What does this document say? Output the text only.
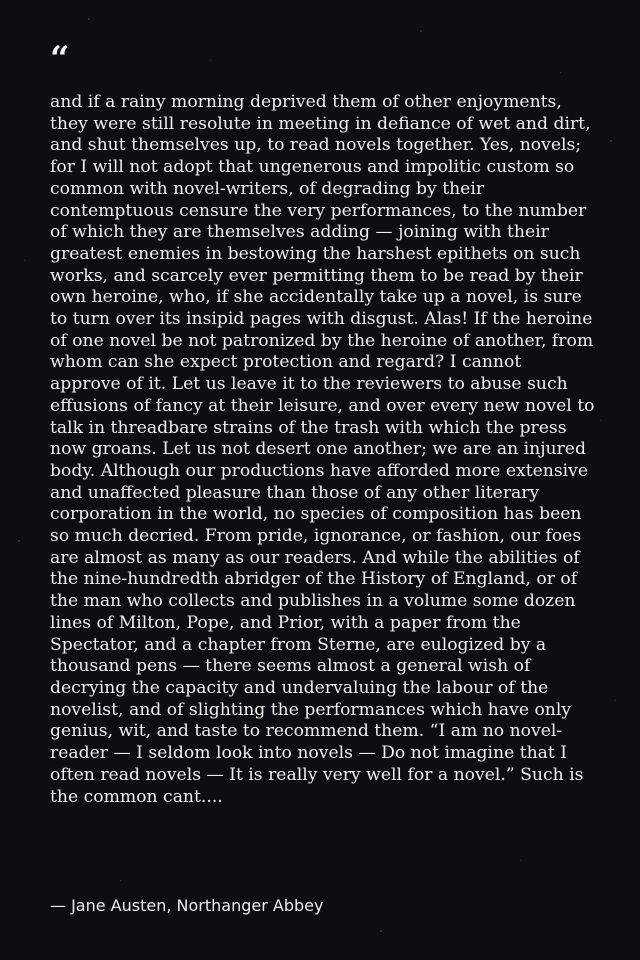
“
and if a rainy morning deprived them of other enjoyments, they were still resolute in meeting in defiance of wet and dirt, and shut themselves up, to read novels together. Yes, novels; for I will not adopt that ungenerous and impolitic custom so common with novel-writers, of degrading by their contemptuous censure the very performances, to the number of which they are themselves adding — joining with their greatest enemies in bestowing the harshest epithets on such works, and scarcely ever permitting them to be read by their own heroine, who, if she accidentally take up a novel, is sure to turn over its insipid pages with disgust. Alas! If the heroine of one novel be not patronized by the heroine of another, from whom can she expect protection and regard? I cannot approve of it. Let us leave it to the reviewers to abuse such effusions of fancy at their leisure, and over every new novel to talk in threadbare strains of the trash with which the press now groans. Let us not desert one another; we are an injured body. Although our productions have afforded more extensive and unaffected pleasure than those of any other literary corporation in the world, no species of composition has been so much decried. From pride, ignorance, or fashion, our foes are almost as many as our readers. And while the abilities of the nine-hundredth abridger of the History of England, or of the man who collects and publishes in a volume some dozen lines of Milton, Pope, and Prior, with a paper from the Spectator, and a chapter from Sterne, are eulogized by a thousand pens — there seems almost a general wish of decrying the capacity and undervaluing the labour of the novelist, and of slighting the performances which have only genius, wit, and taste to recommend them. “I am no novel-reader — I seldom look into novels — Do not imagine that I often read novels — It is really very well for a novel.” Such is the common cant....
— Jane Austen, Northanger Abbey
